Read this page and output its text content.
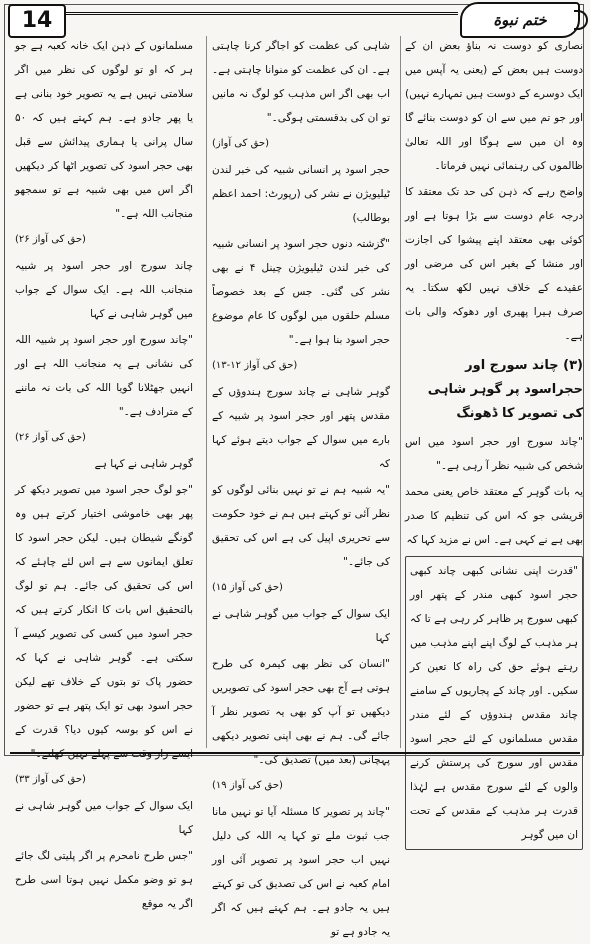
14	ختم نبوة

نصاری کو دوست نہ بناؤ بعض ان کے دوست ہیں بعض کے (یعنی یہ آپس میں ایک دوسرے کے دوست ہیں تمہارے نہیں) اور جو تم میں سے ان کو دوست بنائے گا وہ ان میں سے ہوگا اور اللہ تعالیٰ ظالموں کی رہنمائی نہیں فرماتا۔

واضح رہے کہ ذہن کی حد تک معتقد کا درجہ عام دوست سے بڑا ہوتا ہے اور کوئی بھی معتقد اپنے پیشوا کی اجازت اور منشا کے بغیر اس کی مرضی اور عقیدے کے خلاف نہیں لکھ سکتا۔ یہ صرف ہیرا پھیری اور دھوکہ والی بات ہے۔

(۳) چاند سورج اور حجراسود پر گوہر شاہی کی تصویر کا ڈھونگ

"چاند سورج اور حجر اسود میں اس شخص کی شبیہ نظر آ رہی ہے۔"

یہ بات گوہر کے معتقد خاص یعنی محمد قریشی جو کہ اس کی تنظیم کا صدر بھی ہے نے کہی ہے۔ اس نے مزید کہا کہ

"قدرت اپنی نشانی کبھی چاند کبھی حجر اسود کبھی مندر کے پتھر اور کبھی سورج پر ظاہر کر رہی ہے تا کہ ہر مذہب کے لوگ اپنے اپنے مذہب میں رہتے ہوئے حق کی راہ کا تعین کر سکیں۔ اور چاند کے پجاریوں کے سامنے چاند مقدس ہندوؤں کے لئے مندر مقدس مسلمانوں کے لئے حجر اسود مقدس اور سورج کی پرستش کرنے والوں کے لئے سورج مقدس ہے لہٰذا قدرت ہر مذہب کے مقدس کے تحت ان میں گوہر

شاہی کی عظمت کو اجاگر کرنا چاہتی ہے۔ ان کی عظمت کو منوانا چاہتی ہے۔ اب بھی اگر اس مذہب کو لوگ نہ مانیں تو ان کی بدقسمتی ہوگی۔"

(حق کی آواز)

حجر اسود پر انسانی شبیہ کی خبر لندن ٹیلیویژن نے نشر کی (رپورٹ: احمد اعظم بوطالب)

"گزشتہ دنوں حجر اسود پر انسانی شبیہ کی خبر لندن ٹیلیویژن چینل ۴ نے بھی نشر کی گئی۔ جس کے بعد خصوصاً مسلم حلقوں میں لوگوں کا عام موضوع حجر اسود بنا ہوا ہے۔"

(حق کی آواز ۱۲-۱۳)

گوہر شاہی نے چاند سورج ہندوؤں کے مقدس پتھر اور حجر اسود پر شبیہ کے بارے میں سوال کے جواب دیتے ہوئے کہا کہ

"یہ شبیہ ہم نے تو نہیں بنائی لوگوں کو نظر آئی تو کہتے ہیں ہم نے خود حکومت سے تحریری اپیل کی ہے اس کی تحقیق کی جائے۔"

(حق کی آواز ۱۵)

ایک سوال کے جواب میں گوہر شاہی نے کہا

"انسان کی نظر بھی کیمرہ کی طرح ہوتی ہے آج بھی حجر اسود کی تصویریں دیکھیں تو آپ کو بھی یہ تصویر نظر آ جائے گی۔ ہم نے بھی اپنی تصویر دیکھی پہچانی (بعد میں) تصدیق کی۔"

(حق کی آواز ۱۹)

"چاند پر تصویر کا مسئلہ آیا تو نہیں مانا جب ثبوت ملے تو کہا یہ اللہ کی دلیل نہیں اب حجر اسود پر تصویر آئی اور امام کعبہ نے اس کی تصدیق کی تو کہتے ہیں یہ جادو ہے۔ ہم کہتے ہیں کہ اگر یہ جادو ہے تو

مسلمانوں کے ذہن ایک خانہ کعبہ ہے جو ہر کہ او تو لوگوں کی نظر میں اگر سلامتی نہیں ہے یہ تصویر خود بنانی ہے یا پھر جادو ہے۔ ہم کہتے ہیں کہ ۵۰ سال پرانی یا ہماری پیدائش سے قبل بھی حجر اسود کی تصویر اٹھا کر دیکھیں اگر اس میں بھی شبیہ ہے تو سمجھو منجانب اللہ ہے۔"

(حق کی آواز ۲۶)

چاند سورج اور حجر اسود پر شبیہ منجانب اللہ ہے۔ ایک سوال کے جواب میں گوہر شاہی نے کہا

"چاند سورج اور حجر اسود پر شبیہ اللہ کی نشانی ہے یہ منجانب اللہ ہے اور انہیں جھٹلانا گویا اللہ کی بات نہ ماننے کے مترادف ہے۔"

(حق کی آواز ۲۶)

گوہر شاہی نے کہا ہے

"جو لوگ حجر اسود میں تصویر دیکھ کر پھر بھی خاموشی اختیار کرتے ہیں وہ گونگے شیطان ہیں۔ لیکن حجر اسود کا تعلق ایمانوں سے ہے اس لئے چاہئے کہ اس کی تحقیق کی جائے۔ ہم تو لوگ بالتحقیق اس بات کا انکار کرتے ہیں کہ حجر اسود میں کسی کی تصویر کیسے آ سکتی ہے۔ گوہر شاہی نے کہا کہ حضور پاک تو بتوں کے خلاف تھے لیکن حجر اسود بھی تو ایک پتھر ہے تو حضور نے اس کو بوسہ کیوں دیا؟ قدرت کے ایسے راز وقت سے پہلے نہیں کھلتے۔"

(حق کی آواز ۳۳)

ایک سوال کے جواب میں گوہر شاہی نے کہا

"جس طرح نامحرم پر اگر پلیتی لگ جائے ہو تو وضو مکمل نہیں ہوتا اسی طرح اگر یہ موقع
